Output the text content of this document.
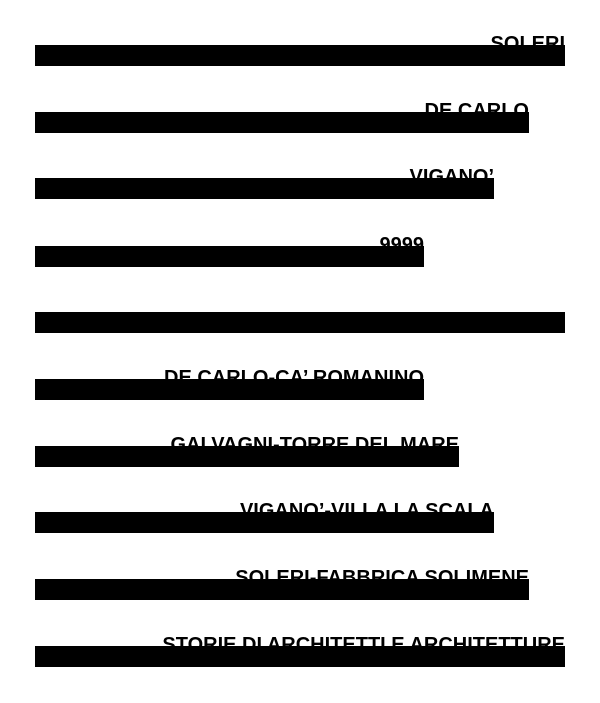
SOLERI
DE CARLO
VIGANO’
9999
DE CARLO-CA’ ROMANINO
GALVAGNI-TORRE DEL MARE
VIGANO’-VILLA LA SCALA
SOLERI-FABBRICA SOLIMENE
STORIE DI ARCHITETTI E ARCHITETTURE
